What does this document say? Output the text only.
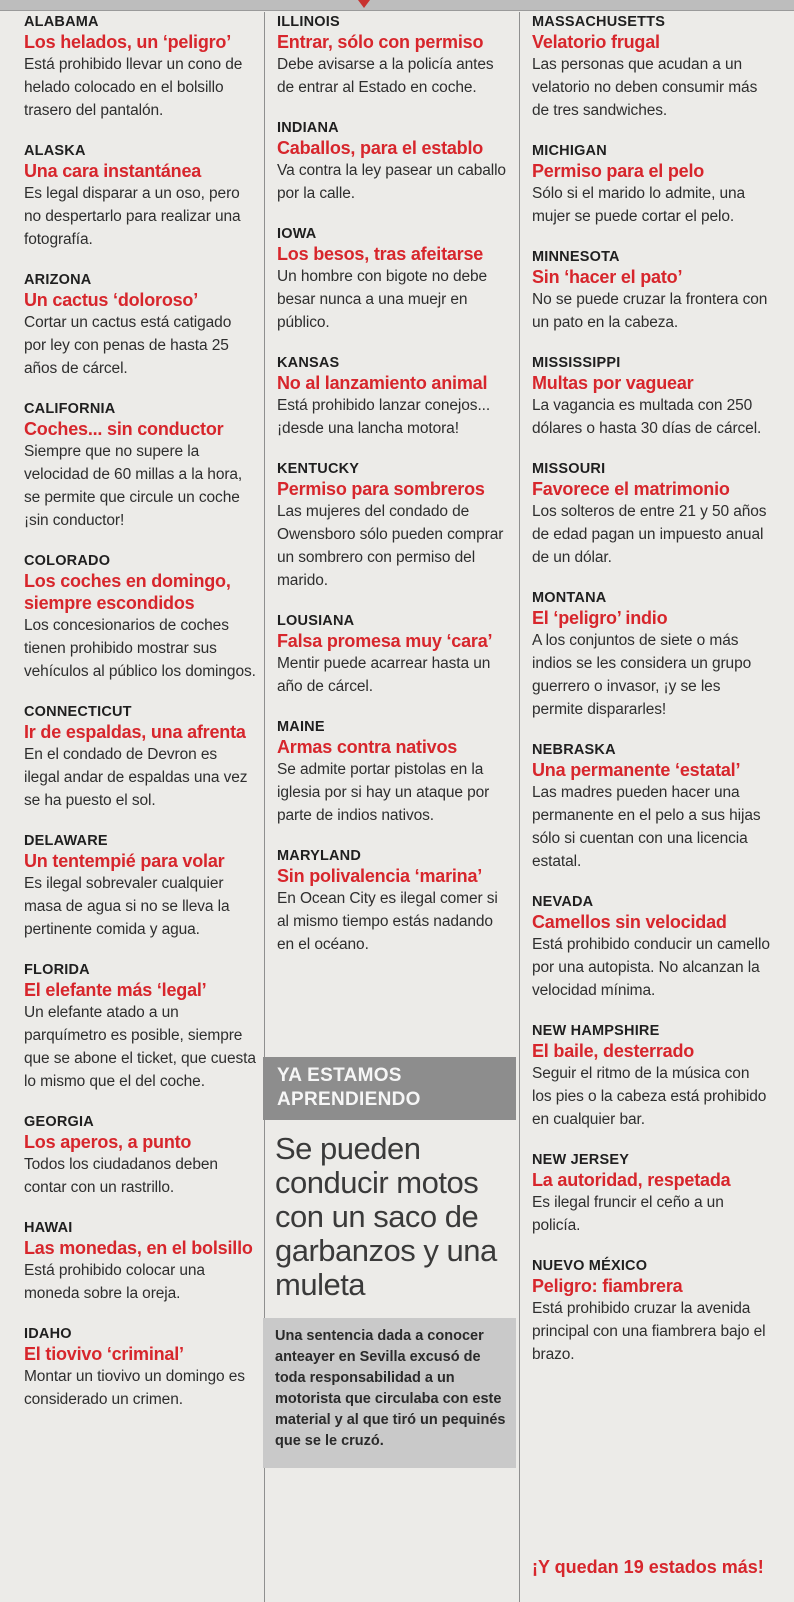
ALABAMA
Los helados, un ‘peligro’
Está prohibido llevar un cono de helado colocado en el bolsillo trasero del pantalón.
ALASKA
Una cara instantánea
Es legal disparar a un oso, pero no despertarlo para realizar una fotografía.
ARIZONA
Un cactus ‘doloroso’
Cortar un cactus está catigado por ley con penas de hasta 25 años de cárcel.
CALIFORNIA
Coches... sin conductor
Siempre que no supere la velocidad de 60 millas a la hora, se permite que circule un coche ¡sin conductor!
COLORADO
Los coches en domingo, siempre escondidos
Los concesionarios de coches tienen prohibido mostrar sus vehículos al público los domingos.
CONNECTICUT
Ir de espaldas, una afrenta
En el condado de Devron es ilegal andar de espaldas una vez se ha puesto el sol.
DELAWARE
Un tentempié para volar
Es ilegal sobrevaler cualquier masa de agua si no se lleva la pertinente comida y agua.
FLORIDA
El elefante más ‘legal’
Un elefante atado a un parquímetro es posible, siempre que se abone el ticket, que cuesta lo mismo que el del coche.
GEORGIA
Los aperos, a punto
Todos los ciudadanos deben contar con un rastrillo.
HAWAI
Las monedas, en el bolsillo
Está prohibido colocar una moneda sobre la oreja.
IDAHO
El tiovivo ‘criminal’
Montar un tiovivo un domingo es considerado un crimen.
ILLINOIS
Entrar, sólo con permiso
Debe avisarse a la policía antes de entrar al Estado en coche.
INDIANA
Caballos, para el establo
Va contra la ley pasear un caballo por la calle.
IOWA
Los besos, tras afeitarse
Un hombre con bigote no debe besar nunca a una muejr en público.
KANSAS
No al lanzamiento animal
Está prohibido lanzar conejos... ¡desde una lancha motora!
KENTUCKY
Permiso para sombreros
Las mujeres del condado de Owensboro sólo pueden comprar un sombrero con permiso del marido.
LOUSIANA
Falsa promesa muy ‘cara’
Mentir puede acarrear hasta un año de cárcel.
MAINE
Armas contra nativos
Se admite portar pistolas en la iglesia por si hay un ataque por parte de indios nativos.
MARYLAND
Sin polivalencia ‘marina’
En Ocean City es ilegal comer si al mismo tiempo estás nadando en el océano.
MASSACHUSETTS
Velatorio frugal
Las personas que acudan a un velatorio no deben consumir más de tres sandwiches.
MICHIGAN
Permiso para el pelo
Sólo si el marido lo admite, una mujer se puede cortar el pelo.
MINNESOTA
Sin ‘hacer el pato’
No se puede cruzar la frontera con un pato en la cabeza.
MISSISSIPPI
Multas por vaguear
La vagancia es multada con 250 dólares o hasta 30 días de cárcel.
MISSOURI
Favorece el matrimonio
Los solteros de entre 21 y 50 años de edad pagan un impuesto anual de un dólar.
MONTANA
El ‘peligro’ indio
A los conjuntos de siete o más indios se les considera un grupo guerrero o invasor, ¡y se les permite dispararles!
NEBRASKA
Una permanente ‘estatal’
Las madres pueden hacer una permanente en el pelo a sus hijas sólo si cuentan con una licencia estatal.
NEVADA
Camellos sin velocidad
Está prohibido conducir un camello por una autopista. No alcanzan la velocidad mínima.
NEW HAMPSHIRE
El baile, desterrado
Seguir el ritmo de la música con los pies o la cabeza está prohibido en cualquier bar.
NEW JERSEY
La autoridad, respetada
Es ilegal fruncir el ceño a un policía.
NUEVO MÉXICO
Peligro: fiambrera
Está prohibido cruzar la avenida principal con una fiambrera bajo el brazo.
YA ESTAMOS APRENDIENDO
Se pueden conducir motos con un saco de garbanzos y una muleta
Una sentencia dada a conocer anteayer en Sevilla excusó de toda responsabilidad a un motorista que circulaba con este material y al que tiró un pequinés que se le cruzó.
¡Y quedan 19 estados más!
